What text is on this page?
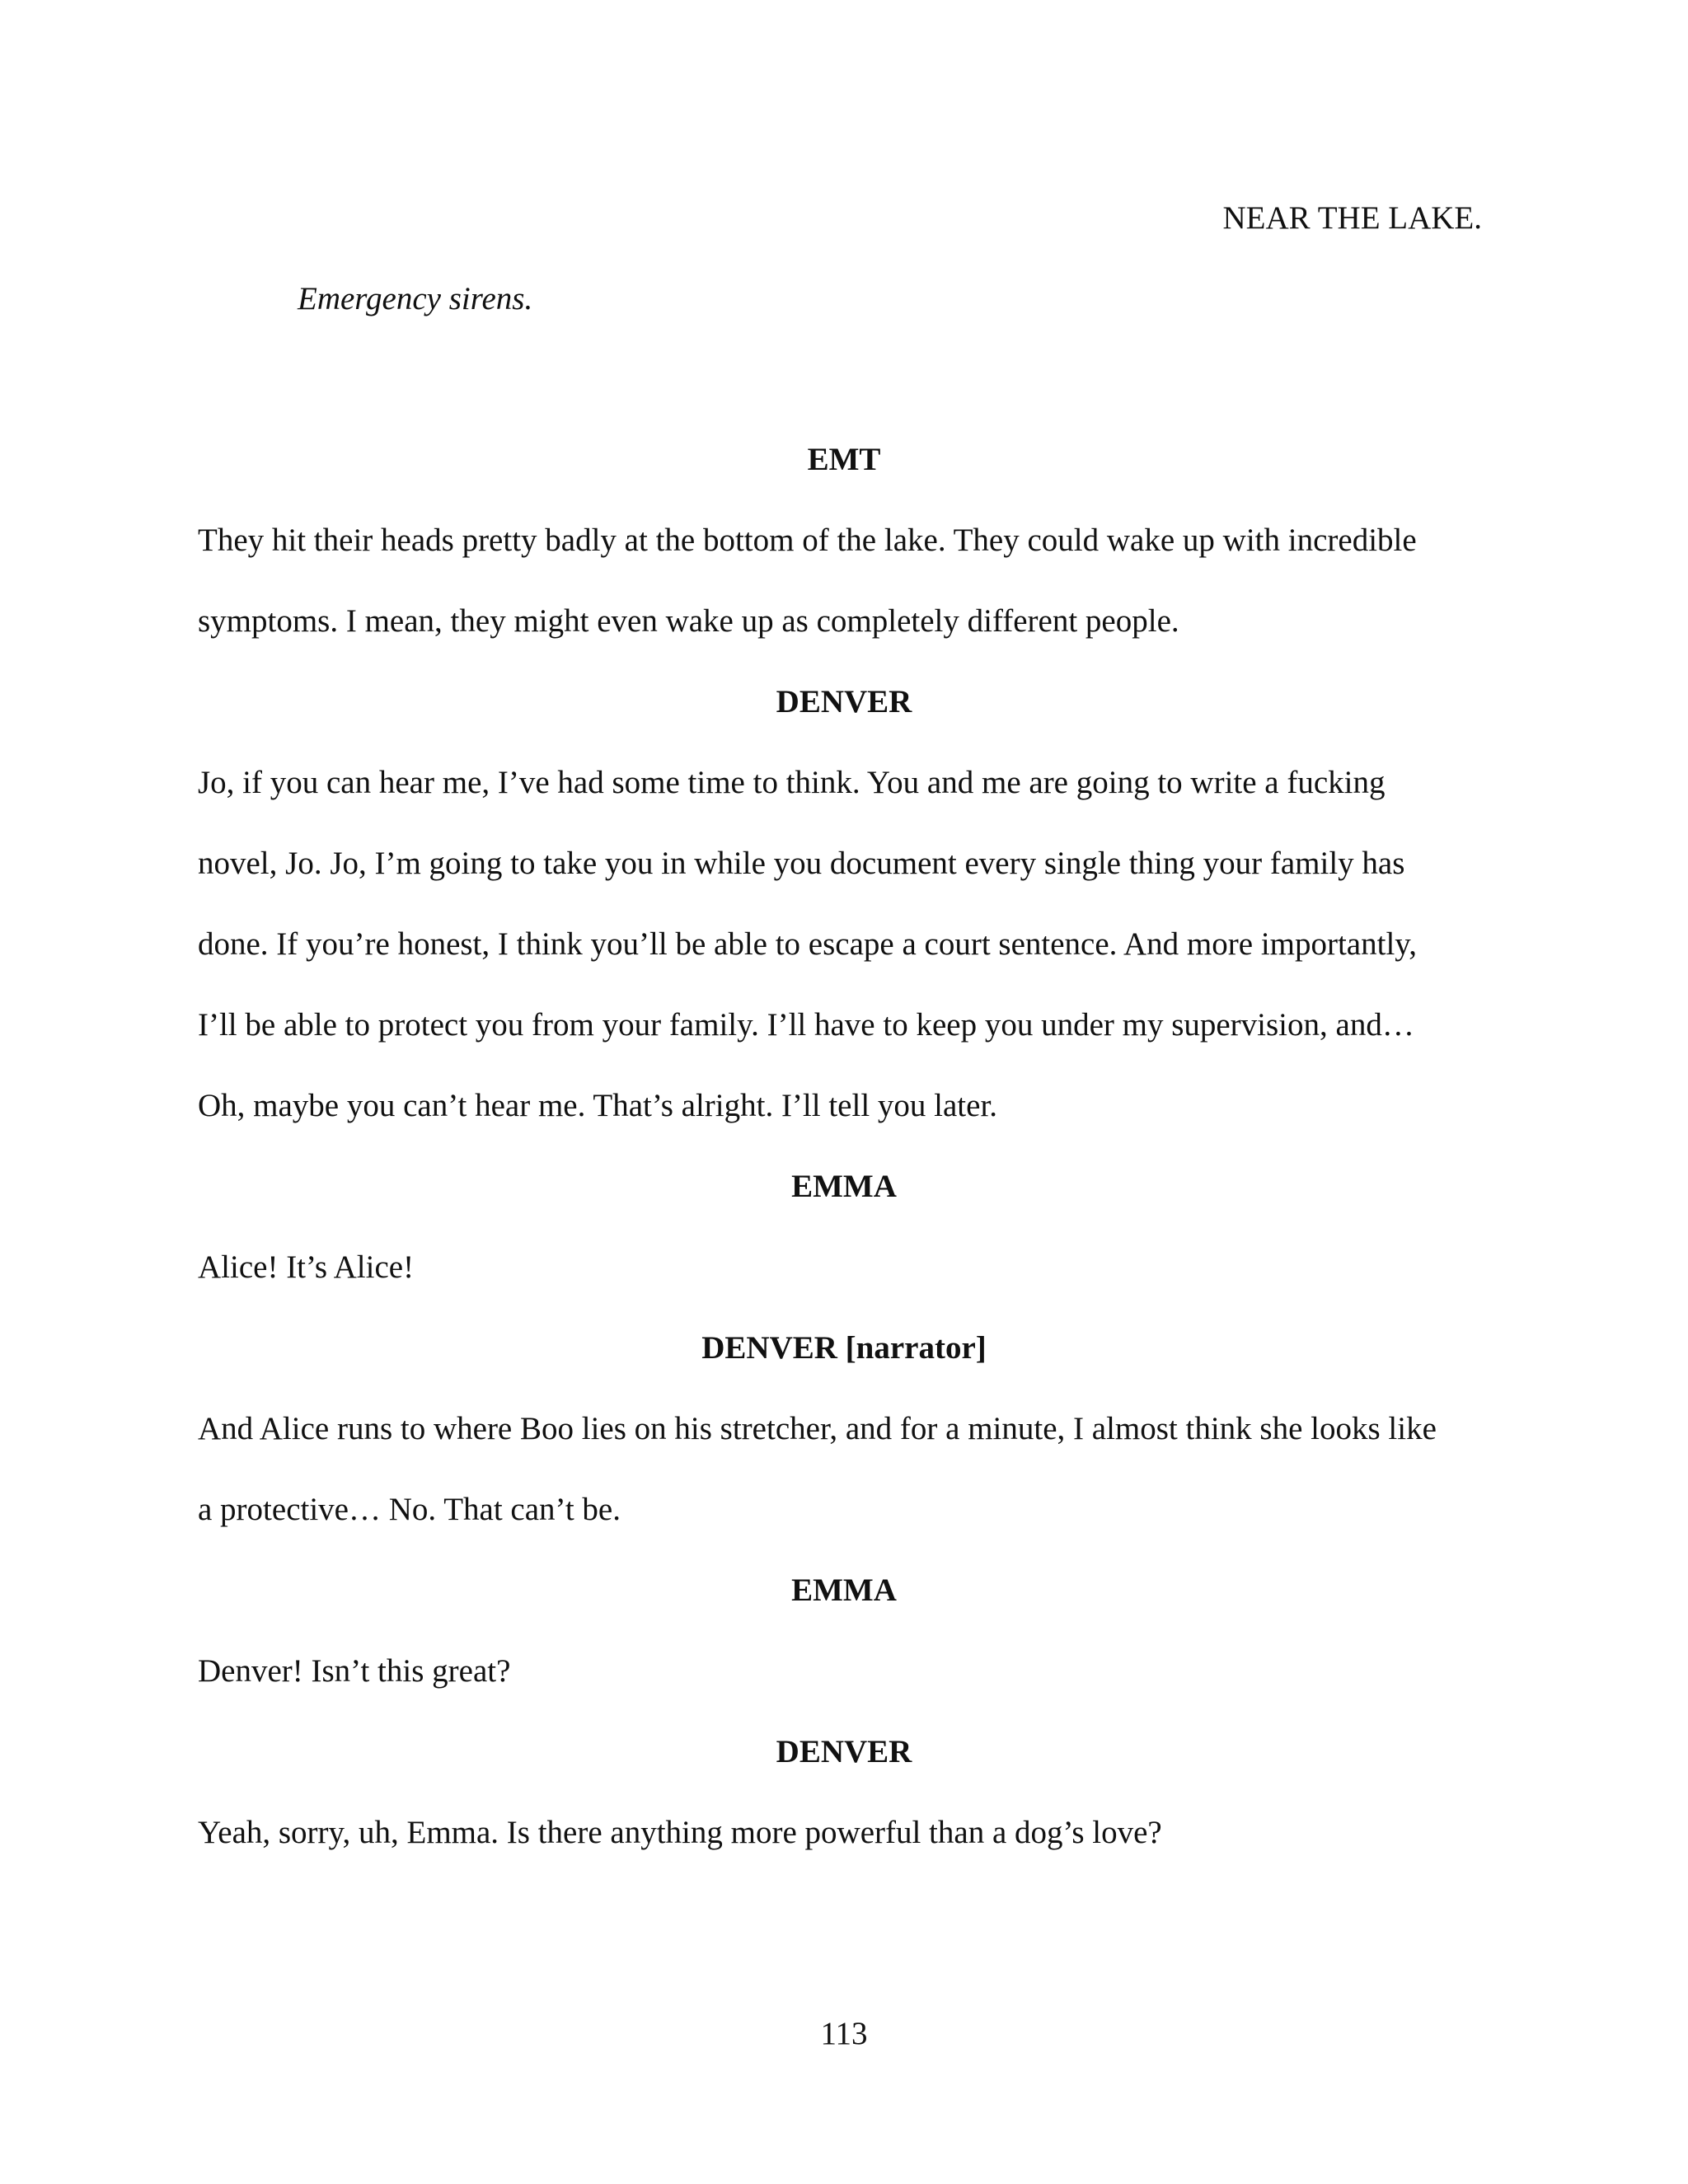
NEAR THE LAKE.
Emergency sirens.
EMT
They hit their heads pretty badly at the bottom of the lake. They could wake up with incredible
symptoms. I mean, they might even wake up as completely different people.
DENVER
Jo, if you can hear me, I’ve had some time to think. You and me are going to write a fucking
novel, Jo. Jo, I’m going to take you in while you document every single thing your family has
done. If you’re honest, I think you’ll be able to escape a court sentence. And more importantly,
I’ll be able to protect you from your family. I’ll have to keep you under my supervision, and…
Oh, maybe you can’t hear me. That’s alright. I’ll tell you later.
EMMA
Alice! It’s Alice!
DENVER [narrator]
And Alice runs to where Boo lies on his stretcher, and for a minute, I almost think she looks like
a protective… No. That can’t be.
EMMA
Denver! Isn’t this great?
DENVER
Yeah, sorry, uh, Emma. Is there anything more powerful than a dog’s love?
113
